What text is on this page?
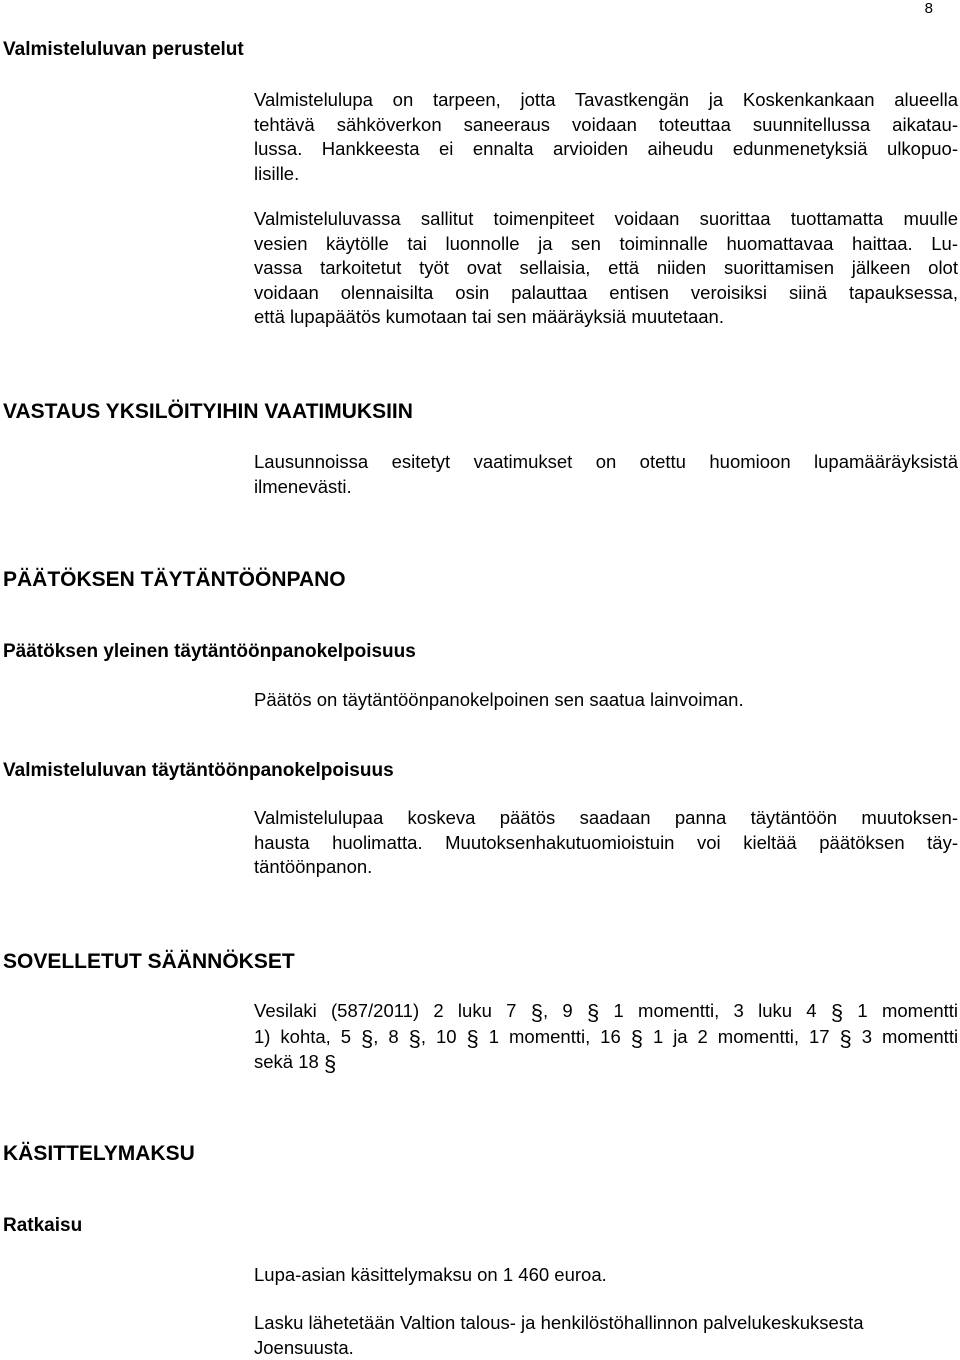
8
Valmisteluluvan perustelut
Valmistelulupa on tarpeen, jotta Tavastkengän ja Koskenkankaan alueella
tehtävä sähköverkon saneeraus voidaan toteuttaa suunnitellussa aikatau-
lussa. Hankkeesta ei ennalta arvioiden aiheudu edunmenetyksiä ulkopuo-
lisille.
Valmisteluluvassa sallitut toimenpiteet voidaan suorittaa tuottamatta muulle
vesien käytölle tai luonnolle ja sen toiminnalle huomattavaa haittaa. Lu-
vassa tarkoitetut työt ovat sellaisia, että niiden suorittamisen jälkeen olot
voidaan olennaisilta osin palauttaa entisen veroisiksi siinä tapauksessa,
että lupapäätös kumotaan tai sen määräyksiä muutetaan.
VASTAUS YKSILÖITYIHIN VAATIMUKSIIN
Lausunnoissa esitetyt vaatimukset on otettu huomioon lupamääräyksistä
ilmenevästi.
PÄÄTÖKSEN TÄYTÄNTÖÖNPANO
Päätöksen yleinen täytäntöönpanokelpoisuus
Päätös on täytäntöönpanokelpoinen sen saatua lainvoiman.
Valmisteluluvan täytäntöönpanokelpoisuus
Valmistelulupaa koskeva päätös saadaan panna täytäntöön muutoksen-
hausta huolimatta. Muutoksenhakutuomioistuin voi kieltää päätöksen täy-
täntöönpanon.
SOVELLETUT SÄÄNNÖKSET
Vesilaki (587/2011) 2 luku 7 §, 9 § 1 momentti, 3 luku 4 § 1 momentti
1) kohta, 5 §, 8 §, 10 § 1 momentti, 16 § 1 ja 2 momentti, 17 § 3 momentti
sekä 18 §
KÄSITTELYMAKSU
Ratkaisu
Lupa-asian käsittelymaksu on 1 460 euroa.
Lasku lähetetään Valtion talous- ja henkilöstöhallinnon palvelukeskuksesta
Joensuusta.
